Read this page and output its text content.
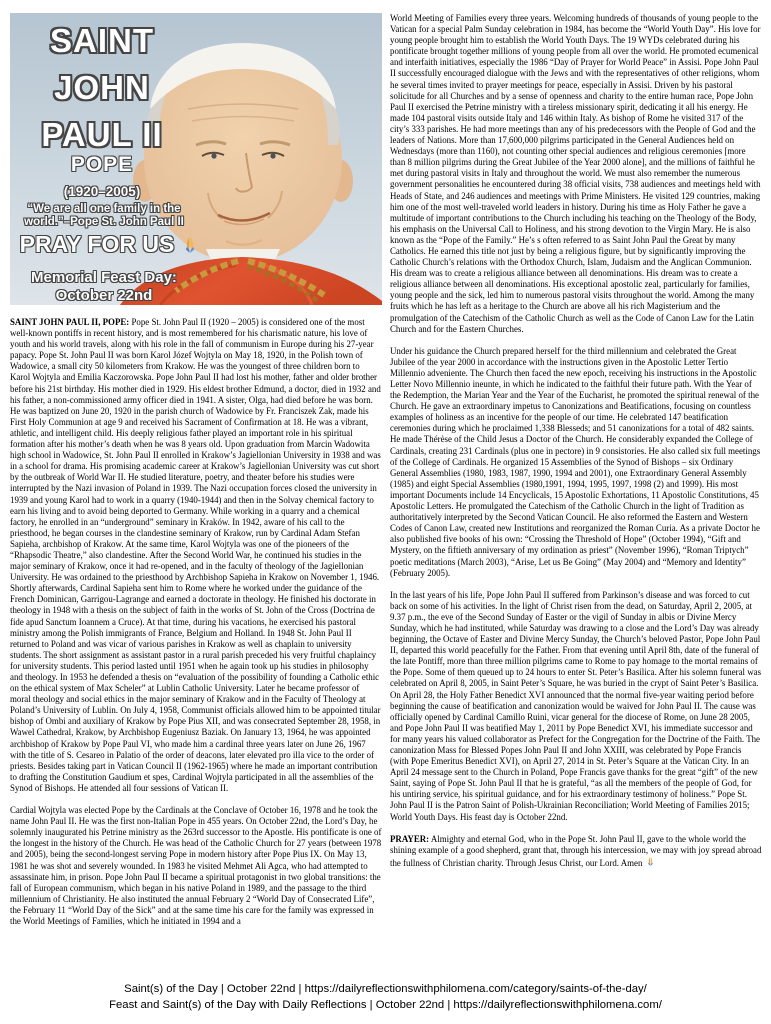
SAINT
JOHN
PAUL II
POPE
(1920–2005)
“We are all one family in the world.”–Pope St. John Paul II
PRAY FOR US
Memorial Feast Day:
October 22nd

SAINT JOHN PAUL II, POPE: Pope St. John Paul II (1920 – 2005) is considered one of the most well-known pontiffs in recent history, and is most remembered for his charismatic nature, his love of youth and his world travels, along with his role in the fall of communism in Europe during his 27-year papacy. Pope St. John Paul II was born Karol Józef Wojtyla on May 18, 1920, in the Polish town of Wadowice, a small city 50 kilometers from Krakow. He was the youngest of three children born to Karol Wojtyla and Emilia Kaczorowska. Pope John Paul II had lost his mother, father and older brother before his 21st birthday. His mother died in 1929. His eldest brother Edmund, a doctor, died in 1932 and his father, a non-commissioned army officer died in 1941. A sister, Olga, had died before he was born. He was baptized on June 20, 1920 in the parish church of Wadowice by Fr. Franciszek Zak, made his First Holy Communion at age 9 and received his Sacrament of Confirmation at 18. He was a vibrant, athletic, and intelligent child. His deeply religious father played an important role in his spiritual formation after his mother’s death when he was 8 years old. Upon graduation from Marcin Wadowita high school in Wadowice, St. John Paul II enrolled in Krakow’s Jagiellonian University in 1938 and was in a school for drama. His promising academic career at Krakow’s Jagiellonian University was cut short by the outbreak of World War II. He studied literature, poetry, and theater before his studies were interrupted by the Nazi invasion of Poland in 1939. The Nazi occupation forces closed the university in 1939 and young Karol had to work in a quarry (1940-1944) and then in the Solvay chemical factory to earn his living and to avoid being deported to Germany. While working in a quarry and a chemical factory, he enrolled in an “underground” seminary in Kraków. In 1942, aware of his call to the priesthood, he began courses in the clandestine seminary of Krakow, run by Cardinal Adam Stefan Sapieha, archbishop of Krakow. At the same time, Karol Wojtyla was one of the pioneers of the “Rhapsodic Theatre,” also clandestine. After the Second World War, he continued his studies in the major seminary of Krakow, once it had re-opened, and in the faculty of theology of the Jagiellonian University. He was ordained to the priesthood by Archbishop Sapieha in Krakow on November 1, 1946. Shortly afterwards, Cardinal Sapieha sent him to Rome where he worked under the guidance of the French Dominican, Garrigou-Lagrange and earned a doctorate in theology. He finished his doctorate in theology in 1948 with a thesis on the subject of faith in the works of St. John of the Cross (Doctrina de fide apud Sanctum Ioannem a Cruce). At that time, during his vacations, he exercised his pastoral ministry among the Polish immigrants of France, Belgium and Holland. In 1948 St. John Paul II returned to Poland and was vicar of various parishes in Krakow as well as chaplain to university students. The short assignment as assistant pastor in a rural parish preceded his very fruitful chaplaincy for university students. This period lasted until 1951 when he again took up his studies in philosophy and theology. In 1953 he defended a thesis on “evaluation of the possibility of founding a Catholic ethic on the ethical system of Max Scheler” at Lublin Catholic University. Later he became professor of moral theology and social ethics in the major seminary of Krakow and in the Faculty of Theology at Poland’s University of Lublin. On July 4, 1958, Communist officials allowed him to be appointed titular bishop of Ombi and auxiliary of Krakow by Pope Pius XII, and was consecrated September 28, 1958, in Wawel Cathedral, Krakow, by Archbishop Eugeniusz Baziak. On January 13, 1964, he was appointed archbishop of Krakow by Pope Paul VI, who made him a cardinal three years later on June 26, 1967 with the title of S. Cesareo in Palatio of the order of deacons, later elevated pro illa vice to the order of priests. Besides taking part in Vatican Council II (1962-1965) where he made an important contribution to drafting the Constitution Gaudium et spes, Cardinal Wojtyla participated in all the assemblies of the Synod of Bishops. He attended all four sessions of Vatican II.

Cardial Wojtyla was elected Pope by the Cardinals at the Conclave of October 16, 1978 and he took the name John Paul II. He was the first non-Italian Pope in 455 years. On October 22nd, the Lord’s Day, he solemnly inaugurated his Petrine ministry as the 263rd successor to the Apostle. His pontificate is one of the longest in the history of the Church. He was head of the Catholic Church for 27 years (between 1978 and 2005), being the second-longest serving Pope in modern history after Pope Pius IX. On May 13, 1981 he was shot and severely wounded. In 1983 he visited Mehmet Ali Agca, who had attempted to assassinate him, in prison. Pope John Paul II became a spiritual protagonist in two global transitions: the fall of European communism, which began in his native Poland in 1989, and the passage to the third millennium of Christianity. He also instituted the annual February 2 “World Day of Consecrated Life”, the February 11 “World Day of the Sick” and at the same time his care for the family was expressed in the World Meetings of Families, which he initiated in 1994 and a

World Meeting of Families every three years. Welcoming hundreds of thousands of young people to the Vatican for a special Palm Sunday celebration in 1984, has become the “World Youth Day”. His love for young people brought him to establish the World Youth Days. The 19 WYDs celebrated during his pontificate brought together millions of young people from all over the world. He promoted ecumenical and interfaith initiatives, especially the 1986 “Day of Prayer for World Peace” in Assisi. Pope John Paul II successfully encouraged dialogue with the Jews and with the representatives of other religions, whom he several times invited to prayer meetings for peace, especially in Assisi. Driven by his pastoral solicitude for all Churches and by a sense of openness and charity to the entire human race, Pope John Paul II exercised the Petrine ministry with a tireless missionary spirit, dedicating it all his energy. He made 104 pastoral visits outside Italy and 146 within Italy. As bishop of Rome he visited 317 of the city’s 333 parishes. He had more meetings than any of his predecessors with the People of God and the leaders of Nations. More than 17,600,000 pilgrims participated in the General Audiences held on Wednesdays (more than 1160), not counting other special audiences and religious ceremonies [more than 8 million pilgrims during the Great Jubilee of the Year 2000 alone], and the millions of faithful he met during pastoral visits in Italy and throughout the world. We must also remember the numerous government personalities he encountered during 38 official visits, 738 audiences and meetings held with Heads of State, and 246 audiences and meetings with Prime Ministers. He visited 129 countries, making him one of the most well-traveled world leaders in history. During his time as Holy Father he gave a multitude of important contributions to the Church including his teaching on the Theology of the Body, his emphasis on the Universal Call to Holiness, and his strong devotion to the Virgin Mary. He is also known as the “Pope of the Family.” He’s s often referred to as Saint John Paul the Great by many Catholics. He earned this title not just by being a religious figure, but by significantly improving the Catholic Church’s relations with the Orthodox Church, Islam, Judaism and the Anglican Communion. His dream was to create a religious alliance between all denominations. His dream was to create a religious alliance between all denominations. His exceptional apostolic zeal, particularly for families, young people and the sick, led him to numerous pastoral visits throughout the world. Among the many fruits which he has left as a heritage to the Church are above all his rich Magisterium and the promulgation of the Catechism of the Catholic Church as well as the Code of Canon Law for the Latin Church and for the Eastern Churches.

Under his guidance the Church prepared herself for the third millennium and celebrated the Great Jubilee of the year 2000 in accordance with the instructions given in the Apostolic Letter Tertio Millennio adveniente. The Church then faced the new epoch, receiving his instructions in the Apostolic Letter Novo Millennio ineunte, in which he indicated to the faithful their future path. With the Year of the Redemption, the Marian Year and the Year of the Eucharist, he promoted the spiritual renewal of the Church. He gave an extraordinary impetus to Canonizations and Beatifications, focusing on countless examples of holiness as an incentive for the people of our time. He celebrated 147 beatification ceremonies during which he proclaimed 1,338 Blesseds; and 51 canonizations for a total of 482 saints. He made Thérèse of the Child Jesus a Doctor of the Church. He considerably expanded the College of Cardinals, creating 231 Cardinals (plus one in pectore) in 9 consistories. He also called six full meetings of the College of Cardinals. He organized 15 Assemblies of the Synod of Bishops – six Ordinary General Assemblies (1980, 1983, 1987, 1990, 1994 and 2001), one Extraordinary General Assembly (1985) and eight Special Assemblies (1980,1991, 1994, 1995, 1997, 1998 (2) and 1999). His most important Documents include 14 Encyclicals, 15 Apostolic Exhortations, 11 Apostolic Constitutions, 45 Apostolic Letters. He promulgated the Catechism of the Catholic Church in the light of Tradition as authoritatively interpreted by the Second Vatican Council. He also reformed the Eastern and Western Codes of Canon Law, created new Institutions and reorganized the Roman Curia. As a private Doctor he also published five books of his own: “Crossing the Threshold of Hope” (October 1994), “Gift and Mystery, on the fiftieth anniversary of my ordination as priest” (November 1996), “Roman Triptych” poetic meditations (March 2003), “Arise, Let us Be Going” (May 2004) and “Memory and Identity” (February 2005).

In the last years of his life, Pope John Paul II suffered from Parkinson’s disease and was forced to cut back on some of his activities. In the light of Christ risen from the dead, on Saturday, April 2, 2005, at 9.37 p.m., the eve of the Second Sunday of Easter or the vigil of Sunday in albis or Divine Mercy Sunday, which he had instituted, while Saturday was drawing to a close and the Lord’s Day was already beginning, the Octave of Easter and Divine Mercy Sunday, the Church’s beloved Pastor, Pope John Paul II, departed this world peacefully for the Father. From that evening until April 8th, date of the funeral of the late Pontiff, more than three million pilgrims came to Rome to pay homage to the mortal remains of the Pope. Some of them queued up to 24 hours to enter St. Peter’s Basilica. After his solemn funeral was celebrated on April 8, 2005, in Saint Peter’s Square, he was buried in the crypt of Saint Peter’s Basilica. On April 28, the Holy Father Benedict XVI announced that the normal five-year waiting period before beginning the cause of beatification and canonization would be waived for John Paul II. The cause was officially opened by Cardinal Camillo Ruini, vicar general for the diocese of Rome, on June 28 2005, and Pope John Paul II was beatified May 1, 2011 by Pope Benedict XVI, his immediate successor and for many years his valued collaborator as Prefect for the Congregation for the Doctrine of the Faith. The canonization Mass for Blessed Popes John Paul II and John XXIII, was celebrated by Pope Francis (with Pope Emeritus Benedict XVI), on April 27, 2014 in St. Peter’s Square at the Vatican City. In an April 24 message sent to the Church in Poland, Pope Francis gave thanks for the great “gift” of the new Saint, saying of Pope St. John Paul II that he is grateful, “as all the members of the people of God, for his untiring service, his spiritual guidance, and for his extraordinary testimony of holiness.” Pope St. John Paul II is the Patron Saint of Polish-Ukrainian Reconciliation; World Meeting of Families 2015; World Youth Days. His feast day is October 22nd.

PRAYER: Almighty and eternal God, who in the Pope St. John Paul II, gave to the whole world the shining example of a good shepherd, grant that, through his intercession, we may with joy spread abroad the fullness of Christian charity. Through Jesus Christ, our Lord. Amen

Saint(s) of the Day | October 22nd | https://dailyreflectionswithphilomena.com/category/saints-of-the-day/
Feast and Saint(s) of the Day with Daily Reflections | October 22nd | https://dailyreflectionswithphilomena.com/
